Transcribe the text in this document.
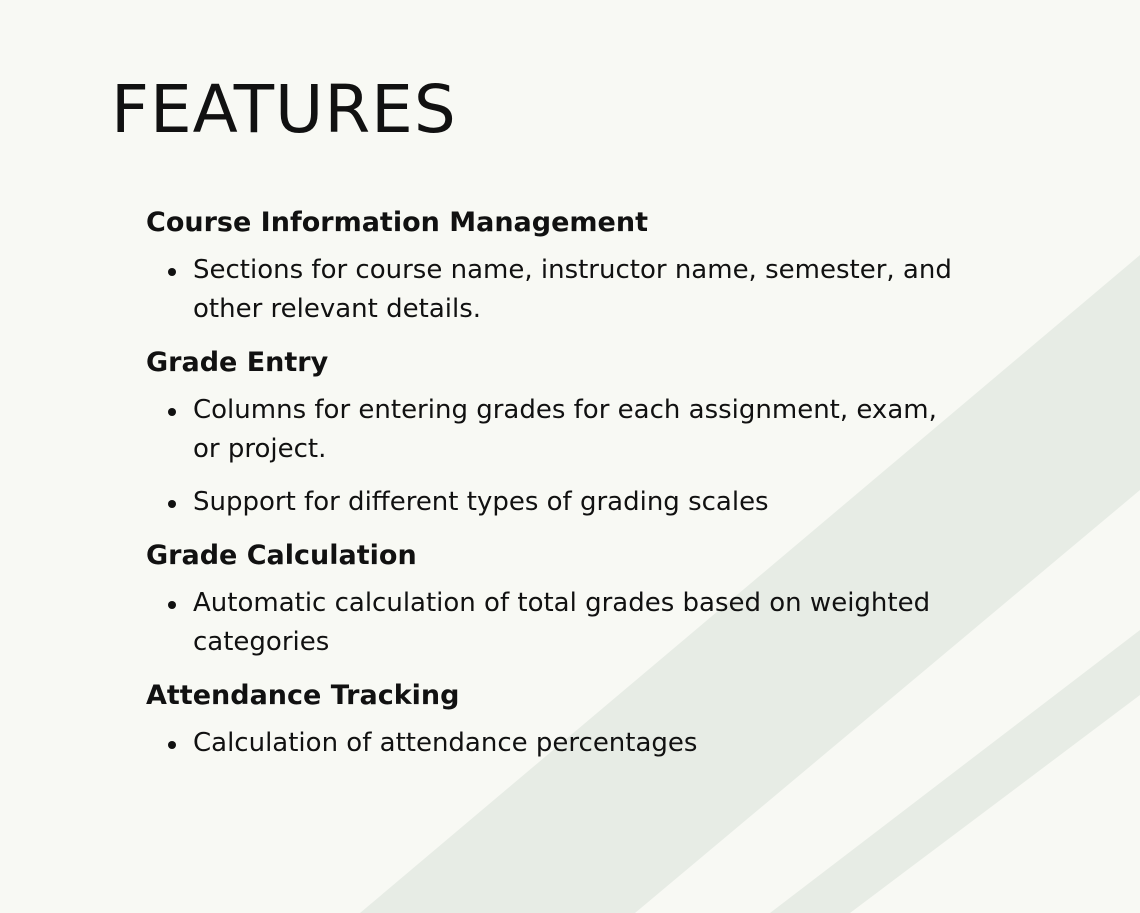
FEATURES
Course Information Management
Sections for course name, instructor name, semester, and other relevant details.
Grade Entry
Columns for entering grades for each assignment, exam, or project.
Support for different types of grading scales
Grade Calculation
Automatic calculation of total grades based on weighted categories
Attendance Tracking
Calculation of attendance percentages
